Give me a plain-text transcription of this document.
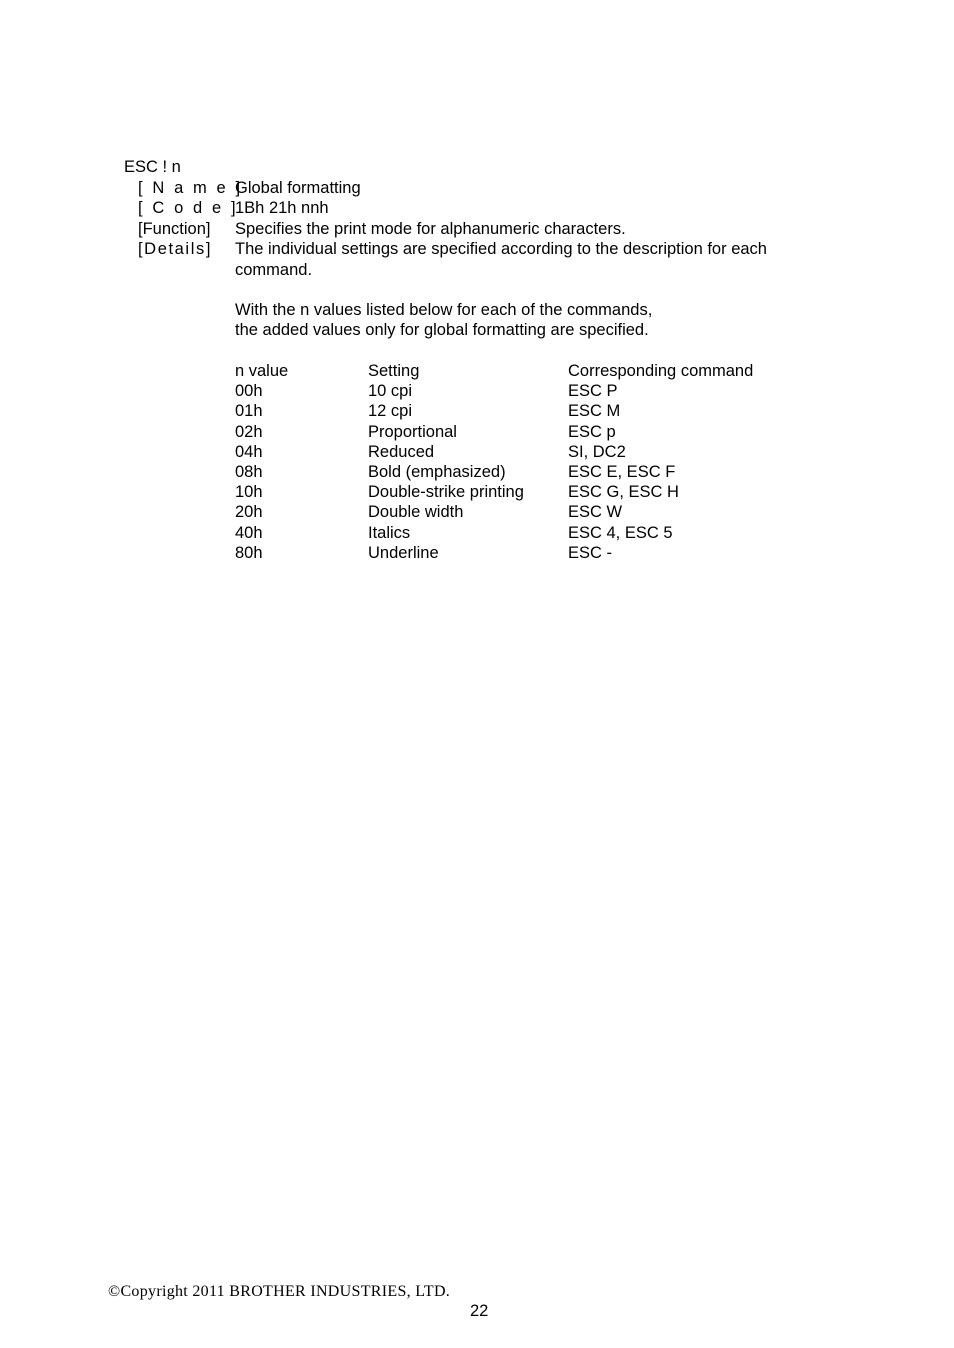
ESC ! n
[ N a m e ]
Global formatting
[ C o d e ]
1Bh 21h nnh
[Function] Specifies the print mode for alphanumeric characters.
[Details] The individual settings are specified according to the description for each
command.
With the n values listed below for each of the commands,
the added values only for global formatting are specified.
n value	Setting	Corresponding command
00h	10 cpi	ESC P
01h	12 cpi	ESC M
02h	Proportional	ESC p
04h	Reduced	SI, DC2
08h	Bold (emphasized)	ESC E, ESC F
10h	Double-strike printing	ESC G, ESC H
20h	Double width	ESC W
40h	Italics	ESC 4, ESC 5
80h	Underline	ESC -
©Copyright 2011 BROTHER INDUSTRIES, LTD.
22
